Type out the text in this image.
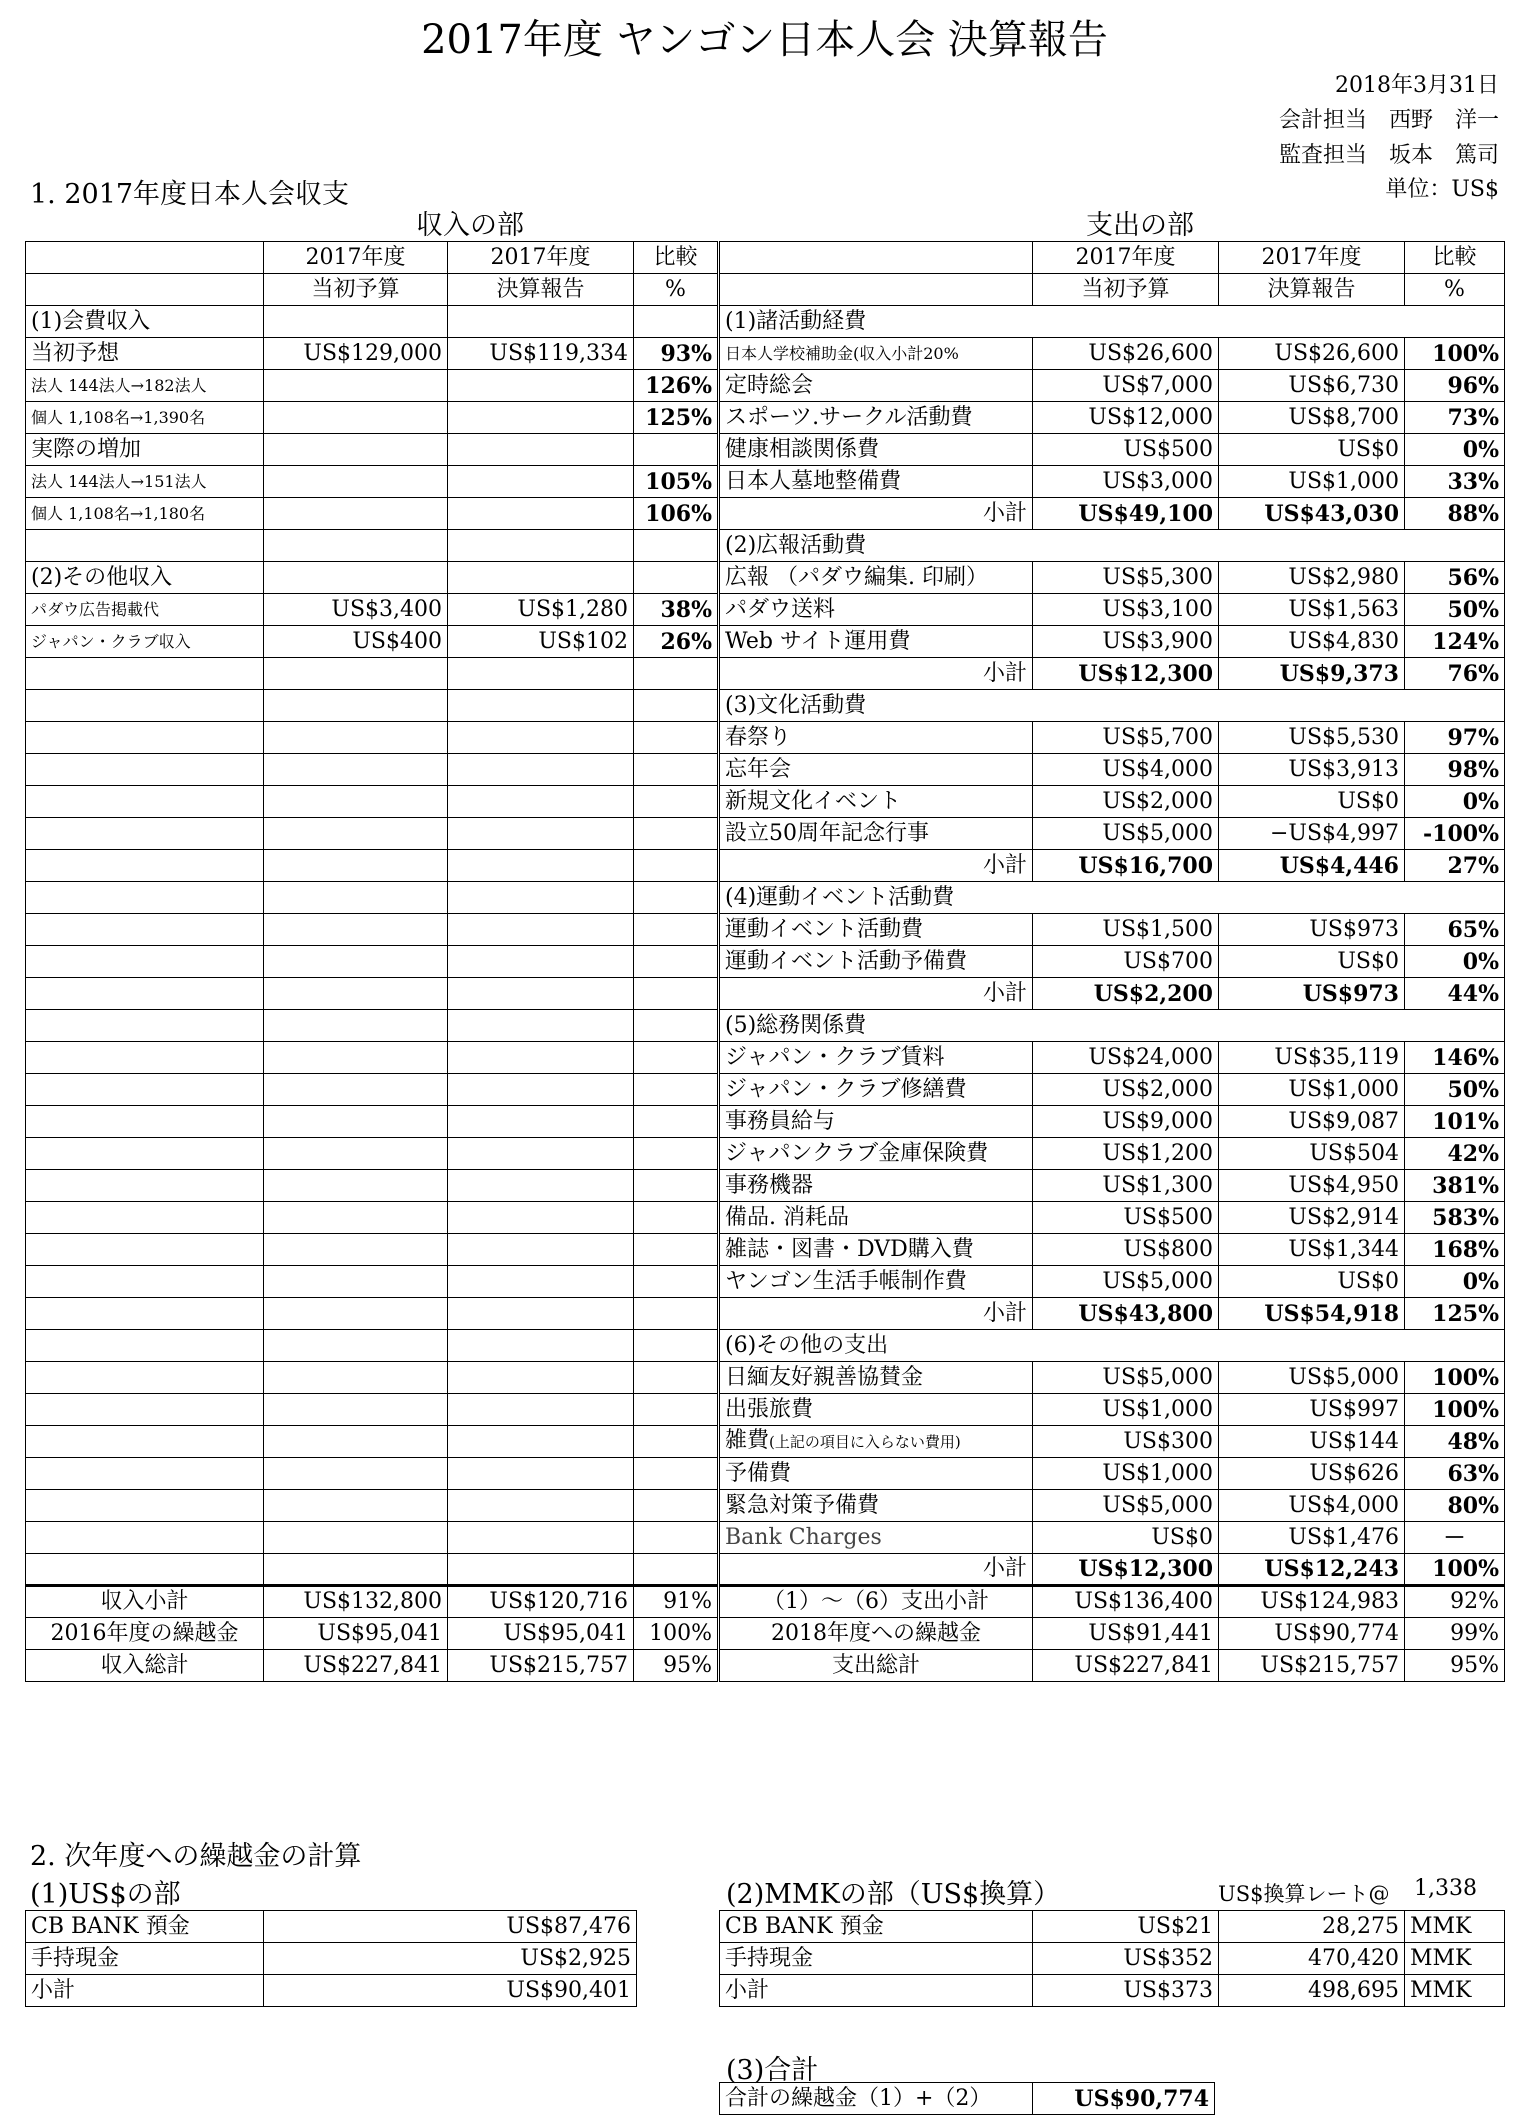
2017年度 ヤンゴン日本人会 決算報告
2018年3月31日
会計担当　西野　洋一
監査担当　坂本　篤司
単位：US$
1. 2017年度日本人会収支
収入の部	支出の部
	2017年度	2017年度	比較
	当初予算	決算報告	%
(1)会費収入			
当初予想	US$129,000	US$119,334	93%
法人 144法人→182法人			126%
個人 1,108名→1,390名			125%
実際の増加			
法人 144法人→151法人			105%
個人 1,108名→1,180名			106%

(2)その他収入			
パダウ広告掲載代	US$3,400	US$1,280	38%
ジャパン・クラブ収入	US$400	US$102	26%

収入小計	US$132,800	US$120,716	91%
2016年度の繰越金	US$95,041	US$95,041	100%
収入総計	US$227,841	US$215,757	95%
	2017年度	2017年度	比較
	当初予算	決算報告	%
(1)諸活動経費			
日本人学校補助金(収入小計20%	US$26,600	US$26,600	100%
定時総会	US$7,000	US$6,730	96%
スポーツ.サークル活動費	US$12,000	US$8,700	73%
健康相談関係費	US$500	US$0	0%
日本人墓地整備費	US$3,000	US$1,000	33%
小計	US$49,100	US$43,030	88%
(2)広報活動費			
広報 （パダウ編集. 印刷）	US$5,300	US$2,980	56%
パダウ送料	US$3,100	US$1,563	50%
Web サイト運用費	US$3,900	US$4,830	124%
小計	US$12,300	US$9,373	76%
(3)文化活動費			
春祭り	US$5,700	US$5,530	97%
忘年会	US$4,000	US$3,913	98%
新規文化イベント	US$2,000	US$0	0%
設立50周年記念行事	US$5,000	−US$4,997	-100%
小計	US$16,700	US$4,446	27%
(4)運動イベント活動費			
運動イベント活動費	US$1,500	US$973	65%
運動イベント活動予備費	US$700	US$0	0%
小計	US$2,200	US$973	44%
(5)総務関係費			
ジャパン・クラブ賃料	US$24,000	US$35,119	146%
ジャパン・クラブ修繕費	US$2,000	US$1,000	50%
事務員給与	US$9,000	US$9,087	101%
ジャパンクラブ金庫保険費	US$1,200	US$504	42%
事務機器	US$1,300	US$4,950	381%
備品. 消耗品	US$500	US$2,914	583%
雑誌・図書・DVD購入費	US$800	US$1,344	168%
ヤンゴン生活手帳制作費	US$5,000	US$0	0%
小計	US$43,800	US$54,918	125%
(6)その他の支出			
日緬友好親善協賛金	US$5,000	US$5,000	100%
出張旅費	US$1,000	US$997	100%
雑費(上記の項目に入らない費用)	US$300	US$144	48%
予備費	US$1,000	US$626	63%
緊急対策予備費	US$5,000	US$4,000	80%
Bank Charges	US$0	US$1,476	－
小計	US$12,300	US$12,243	100%
（1）～（6）支出小計	US$136,400	US$124,983	92%
2018年度への繰越金	US$91,441	US$90,774	99%
支出総計	US$227,841	US$215,757	95%
2. 次年度への繰越金の計算
(1)US$の部	(2)MMKの部（US$換算）	US$換算レート@ 1,338
CB BANK 預金	US$87,476
手持現金	US$2,925
小計	US$90,401
CB BANK 預金	US$21	28,275	MMK
手持現金	US$352	470,420	MMK
小計	US$373	498,695	MMK
(3)合計
合計の繰越金（1）+（2）	US$90,774
